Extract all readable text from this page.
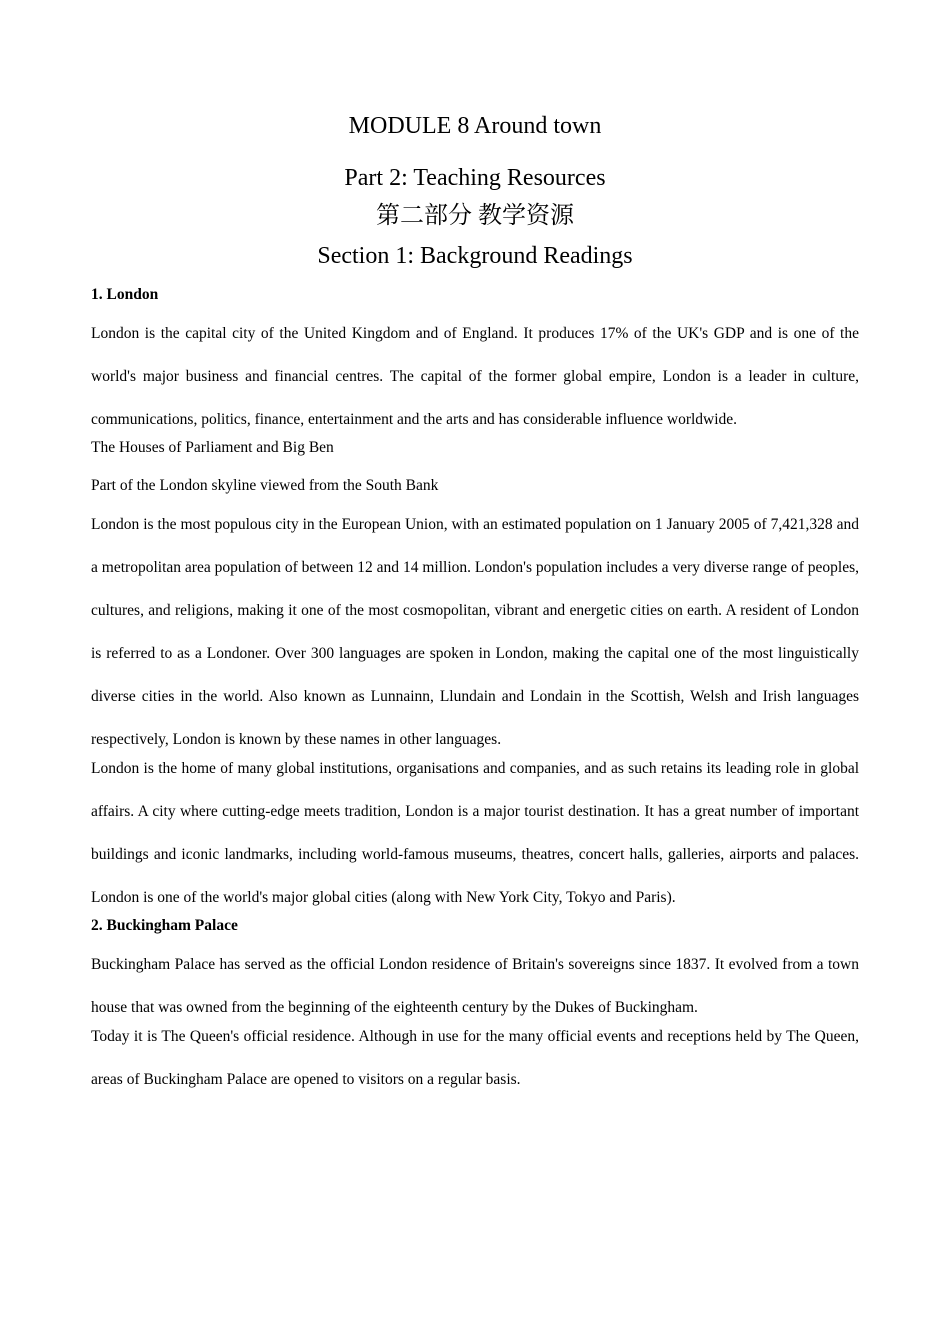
MODULE 8 Around town
Part 2: Teaching Resources
第二部分 教学资源
Section 1: Background Readings

1. London

London is the capital city of the United Kingdom and of England. It produces 17% of the UK's GDP and is one of the world's major business and financial centres. The capital of the former global empire, London is a leader in culture, communications, politics, finance, entertainment and the arts and has considerable influence worldwide.

The Houses of Parliament and Big Ben

Part of the London skyline viewed from the South Bank

London is the most populous city in the European Union, with an estimated population on 1 January 2005 of 7,421,328 and a metropolitan area population of between 12 and 14 million. London's population includes a very diverse range of peoples, cultures, and religions, making it one of the most cosmopolitan, vibrant and energetic cities on earth. A resident of London is referred to as a Londoner. Over 300 languages are spoken in London, making the capital one of the most linguistically diverse cities in the world. Also known as Lunnainn, Llundain and Londain in the Scottish, Welsh and Irish languages respectively, London is known by these names in other languages.

London is the home of many global institutions, organisations and companies, and as such retains its leading role in global affairs. A city where cutting-edge meets tradition, London is a major tourist destination. It has a great number of important buildings and iconic landmarks, including world-famous museums, theatres, concert halls, galleries, airports and palaces. London is one of the world's major global cities (along with New York City, Tokyo and Paris).

2. Buckingham Palace

Buckingham Palace has served as the official London residence of Britain's sovereigns since 1837. It evolved from a town house that was owned from the beginning of the eighteenth century by the Dukes of Buckingham.

Today it is The Queen's official residence. Although in use for the many official events and receptions held by The Queen, areas of Buckingham Palace are opened to visitors on a regular basis.
